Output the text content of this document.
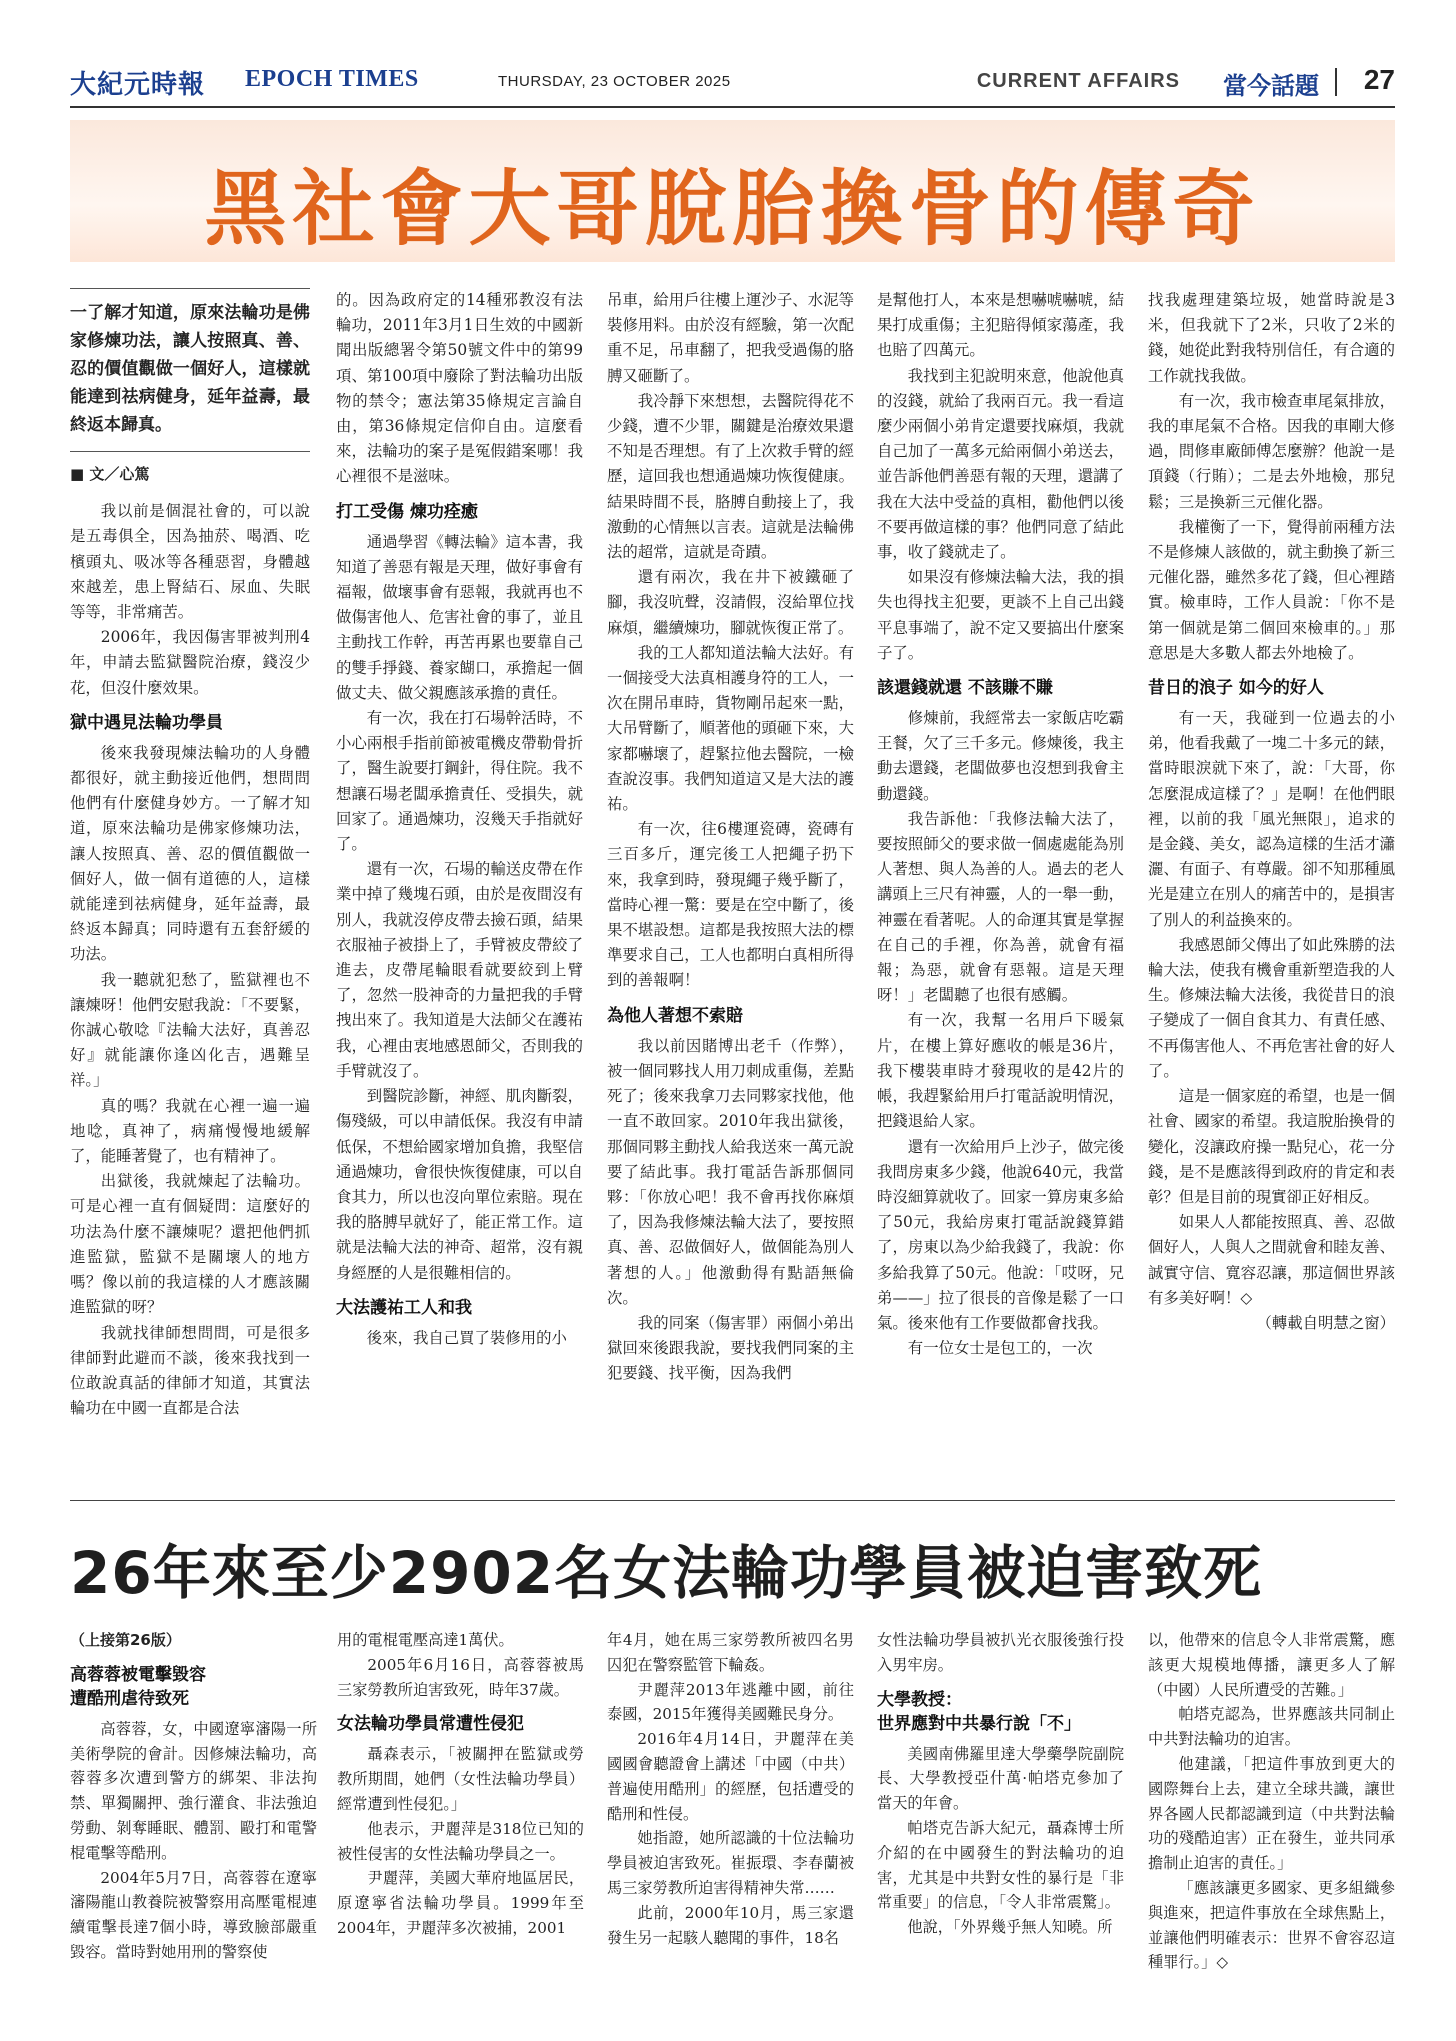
大紀元時報 EPOCH TIMES	THURSDAY, 23 OCTOBER 2025	CURRENT AFFAIRS 當今話題 27
黑社會大哥脫胎換骨的傳奇
一了解才知道，原來法輪功是佛家修煉功法，讓人按照真、善、忍的價值觀做一個好人，這樣就能達到祛病健身，延年益壽，最終返本歸真。
■ 文／心篤

我以前是個混社會的，可以說是五毒俱全，因為抽菸、喝酒、吃檳頭丸、吸冰等各種惡習，身體越來越差，患上腎結石、尿血、失眠等等，非常痛苦。

2006年，我因傷害罪被判刑4年，申請去監獄醫院治療，錢沒少花，但沒什麼效果。

獄中遇見法輪功學員

後來我發現煉法輪功的人身體都很好，就主動接近他們，想問問他們有什麼健身妙方。一了解才知道，原來法輪功是佛家修煉功法，讓人按照真、善、忍的價值觀做一個好人，做一個有道德的人，這樣就能達到祛病健身，延年益壽，最終返本歸真；同時還有五套舒緩的功法。

我一聽就犯愁了，監獄裡也不讓煉呀！他們安慰我說：「不要緊，你誠心敬唸『法輪大法好，真善忍好』就能讓你逢凶化吉，遇難呈祥。」

真的嗎？我就在心裡一遍一遍地唸，真神了，病痛慢慢地緩解了，能睡著覺了，也有精神了。

出獄後，我就煉起了法輪功。可是心裡一直有個疑問：這麼好的功法為什麼不讓煉呢？還把他們抓進監獄，監獄不是關壞人的地方嗎？像以前的我這樣的人才應該關進監獄的呀？

我就找律師想問問，可是很多律師對此避而不談，後來我找到一位敢說真話的律師才知道，其實法輪功在中國一直都是合法

的。因為政府定的14種邪教沒有法輪功，2011年3月1日生效的中國新聞出版總署令第50號文件中的第99項、第100項中廢除了對法輪功出版物的禁令；憲法第35條規定言論自由，第36條規定信仰自由。這麼看來，法輪功的案子是冤假錯案哪！我心裡很不是滋味。

打工受傷 煉功痊癒

通過學習《轉法輪》這本書，我知道了善惡有報是天理，做好事會有福報，做壞事會有惡報，我就再也不做傷害他人、危害社會的事了，並且主動找工作幹，再苦再累也要靠自己的雙手掙錢、養家餬口，承擔起一個做丈夫、做父親應該承擔的責任。

有一次，我在打石場幹活時，不小心兩根手指前節被電機皮帶勒骨折了，醫生說要打鋼針，得住院。我不想讓石場老闆承擔責任、受損失，就回家了。通過煉功，沒幾天手指就好了。

還有一次，石場的輸送皮帶在作業中掉了幾塊石頭，由於是夜間沒有別人，我就沒停皮帶去撿石頭，結果衣服袖子被掛上了，手臂被皮帶絞了進去，皮帶尾輪眼看就要絞到上臂了，忽然一股神奇的力量把我的手臂拽出來了。我知道是大法師父在護祐我，心裡由衷地感恩師父，否則我的手臂就沒了。

到醫院診斷，神經、肌肉斷裂，傷殘級，可以申請低保。我沒有申請低保，不想給國家增加負擔，我堅信通過煉功，會很快恢復健康，可以自食其力，所以也沒向單位索賠。現在我的胳膊早就好了，能正常工作。這就是法輪大法的神奇、超常，沒有親身經歷的人是很難相信的。

大法護祐工人和我

後來，我自己買了裝修用的小

吊車，給用戶往樓上運沙子、水泥等裝修用料。由於沒有經驗，第一次配重不足，吊車翻了，把我受過傷的胳膊又砸斷了。

我冷靜下來想想，去醫院得花不少錢，遭不少罪，關鍵是治療效果還不知是否理想。有了上次救手臂的經歷，這回我也想通過煉功恢復健康。結果時間不長，胳膊自動接上了，我激動的心情無以言表。這就是法輪佛法的超常，這就是奇蹟。

還有兩次，我在井下被鐵砸了腳，我沒吭聲，沒請假，沒給單位找麻煩，繼續煉功，腳就恢復正常了。

我的工人都知道法輪大法好。有一個接受大法真相護身符的工人，一次在開吊車時，貨物剛吊起來一點，大吊臂斷了，順著他的頭砸下來，大家都嚇壞了，趕緊拉他去醫院，一檢查說沒事。我們知道這又是大法的護祐。

有一次，往6樓運瓷磚，瓷磚有三百多斤，運完後工人把繩子扔下來，我拿到時，發現繩子幾乎斷了，當時心裡一驚：要是在空中斷了，後果不堪設想。這都是我按照大法的標準要求自己，工人也都明白真相所得到的善報啊！

為他人著想不索賠

我以前因賭博出老千（作弊），被一個同夥找人用刀刺成重傷，差點死了；後來我拿刀去同夥家找他，他一直不敢回家。2010年我出獄後，那個同夥主動找人給我送來一萬元說要了結此事。我打電話告訴那個同夥：「你放心吧！我不會再找你麻煩了，因為我修煉法輪大法了，要按照真、善、忍做個好人，做個能為別人著想的人。」他激動得有點語無倫次。

我的同案（傷害罪）兩個小弟出獄回來後跟我說，要找我們同案的主犯要錢、找平衡，因為我們

是幫他打人，本來是想嚇唬嚇唬，結果打成重傷；主犯賠得傾家蕩產，我也賠了四萬元。

我找到主犯說明來意，他說他真的沒錢，就給了我兩百元。我一看這麼少兩個小弟肯定還要找麻煩，我就自己加了一萬多元給兩個小弟送去，並告訴他們善惡有報的天理，還講了我在大法中受益的真相，勸他們以後不要再做這樣的事？他們同意了結此事，收了錢就走了。

如果沒有修煉法輪大法，我的損失也得找主犯要，更談不上自己出錢平息事端了，說不定又要搞出什麼案子了。

該還錢就還 不該賺不賺

修煉前，我經常去一家飯店吃霸王餐，欠了三千多元。修煉後，我主動去還錢，老闆做夢也沒想到我會主動還錢。

我告訴他：「我修法輪大法了，要按照師父的要求做一個處處能為別人著想、與人為善的人。過去的老人講頭上三尺有神靈，人的一舉一動，神靈在看著呢。人的命運其實是掌握在自己的手裡，你為善，就會有福報；為惡，就會有惡報。這是天理呀！」老闆聽了也很有感觸。

有一次，我幫一名用戶下暖氣片，在樓上算好應收的帳是36片，我下樓裝車時才發現收的是42片的帳，我趕緊給用戶打電話說明情況，把錢退給人家。

還有一次給用戶上沙子，做完後我問房東多少錢，他說640元，我當時沒細算就收了。回家一算房東多給了50元，我給房東打電話說錢算錯了，房東以為少給我錢了，我說：你多給我算了50元。他說：「哎呀，兄弟——」拉了很長的音像是鬆了一口氣。後來他有工作要做都會找我。

有一位女士是包工的，一次

找我處理建築垃圾，她當時說是3米，但我就下了2米，只收了2米的錢，她從此對我特別信任，有合適的工作就找我做。

有一次，我市檢查車尾氣排放，我的車尾氣不合格。因我的車剛大修過，問修車廠師傅怎麼辦？他說一是頂錢（行賄）；二是去外地檢，那兒鬆；三是換新三元催化器。

我權衡了一下，覺得前兩種方法不是修煉人該做的，就主動換了新三元催化器，雖然多花了錢，但心裡踏實。檢車時，工作人員說：「你不是第一個就是第二個回來檢車的。」那意思是大多數人都去外地檢了。

昔日的浪子 如今的好人

有一天，我碰到一位過去的小弟，他看我戴了一塊二十多元的錶，當時眼淚就下來了，說：「大哥，你怎麼混成這樣了？」是啊！在他們眼裡，以前的我「風光無限」，追求的是金錢、美女，認為這樣的生活才瀟灑、有面子、有尊嚴。卻不知那種風光是建立在別人的痛苦中的，是損害了別人的利益換來的。

我感恩師父傳出了如此殊勝的法輪大法，使我有機會重新塑造我的人生。修煉法輪大法後，我從昔日的浪子變成了一個自食其力、有責任感、不再傷害他人、不再危害社會的好人了。

這是一個家庭的希望，也是一個社會、國家的希望。我這脫胎換骨的變化，沒讓政府操一點兒心，花一分錢，是不是應該得到政府的肯定和表彰？但是目前的現實卻正好相反。

如果人人都能按照真、善、忍做個好人，人與人之間就會和睦友善、誠實守信、寬容忍讓，那這個世界該有多美好啊！◇

（轉載自明慧之窗）

26年來至少2902名女法輪功學員被迫害致死
（上接第26版）
高蓉蓉被電擊毀容
遭酷刑虐待致死

高蓉蓉，女，中國遼寧瀋陽一所美術學院的會計。因修煉法輪功，高蓉蓉多次遭到警方的綁架、非法拘禁、單獨關押、強行灌食、非法強迫勞動、剝奪睡眠、體罰、毆打和電警棍電擊等酷刑。

2004年5月7日，高蓉蓉在遼寧瀋陽龍山教養院被警察用高壓電棍連續電擊長達7個小時，導致臉部嚴重毀容。當時對她用刑的警察使

用的電棍電壓高達1萬伏。

2005年6月16日，高蓉蓉被馬三家勞教所迫害致死，時年37歲。

女法輪功學員常遭性侵犯

聶森表示，「被關押在監獄或勞教所期間，她們（女性法輪功學員）經常遭到性侵犯。」

他表示，尹麗萍是318位已知的被性侵害的女性法輪功學員之一。

尹麗萍，美國大華府地區居民，原遼寧省法輪功學員。1999年至2004年，尹麗萍多次被捕，2001

年4月，她在馬三家勞教所被四名男囚犯在警察監管下輪姦。

尹麗萍2013年逃離中國，前往泰國，2015年獲得美國難民身分。

2016年4月14日，尹麗萍在美國國會聽證會上講述「中國（中共）普遍使用酷刑」的經歷，包括遭受的酷刑和性侵。

她指證，她所認識的十位法輪功學員被迫害致死。崔振環、李春蘭被馬三家勞教所迫害得精神失常……

此前，2000年10月，馬三家還發生另一起駭人聽聞的事件，18名

女性法輪功學員被扒光衣服後強行投入男牢房。

大學教授：
世界應對中共暴行說「不」

美國南佛羅里達大學藥學院副院長、大學教授亞什萬·帕塔克參加了當天的年會。

帕塔克告訴大紀元，聶森博士所介紹的在中國發生的對法輪功的迫害，尤其是中共對女性的暴行是「非常重要」的信息，「令人非常震驚」。

他說，「外界幾乎無人知曉。所

以，他帶來的信息令人非常震驚，應該更大規模地傳播，讓更多人了解（中國）人民所遭受的苦難。」

帕塔克認為，世界應該共同制止中共對法輪功的迫害。

他建議，「把這件事放到更大的國際舞台上去，建立全球共識，讓世界各國人民都認識到這（中共對法輪功的殘酷迫害）正在發生，並共同承擔制止迫害的責任。」

「應該讓更多國家、更多組織參與進來，把這件事放在全球焦點上，並讓他們明確表示：世界不會容忍這種罪行。」◇
